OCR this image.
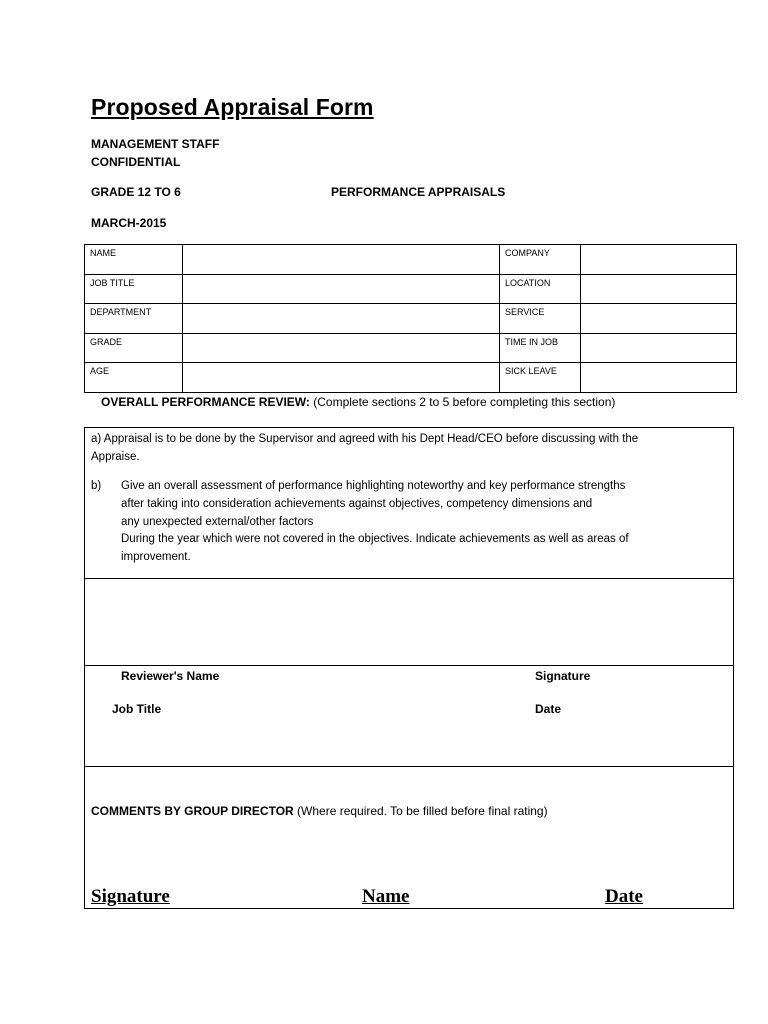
Proposed Appraisal Form
MANAGEMENT STAFF
CONFIDENTIAL
GRADE 12 TO 6	PERFORMANCE APPRAISALS
MARCH-2015
NAME		COMPANY	
JOB TITLE		LOCATION	
DEPARTMENT		SERVICE	
GRADE		TIME IN JOB	
AGE		SICK LEAVE	
OVERALL PERFORMANCE REVIEW: (Complete sections 2 to 5 before completing this section)

a) Appraisal is to be done by the Supervisor and agreed with his Dept Head/CEO before discussing with the

Appraise.

b) Give an overall assessment of performance highlighting noteworthy and key performance strengths

after taking into consideration achievements against objectives, competency dimensions and

any unexpected external/other factors

During the year which were not covered in the objectives. Indicate achievements as well as areas of

improvement.

Reviewer's Name	Signature
Job Title	Date
COMMENTS BY GROUP DIRECTOR (Where required. To be filled before final rating)
Signature	Name	Date
